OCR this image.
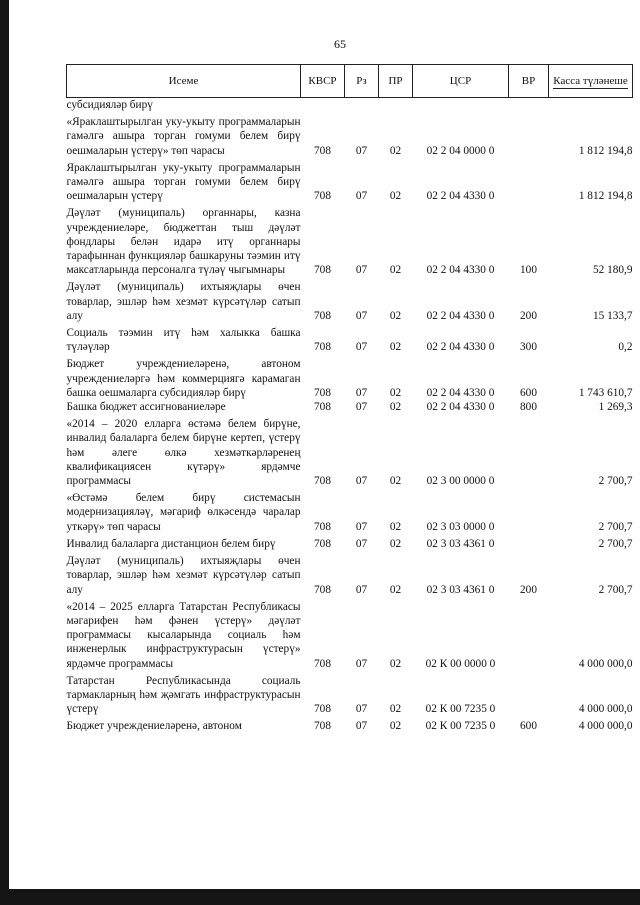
65
Исеме	КВСР	Рз	ПР	ЦСР	ВР	Касса түләнеше
субсидияләр бирү						
«Яраклаштырылган уку-укыту программаларын гамәлгә ашыра торган гомуми белем бирү оешмаларын үстерү» төп чарасы	708	07	02	02 2 04 0000 0		1 812 194,8
Яраклаштырылган уку-укыту программаларын гамәлгә ашыра торган гомуми белем бирү оешмаларын үстерү	708	07	02	02 2 04 4330 0		1 812 194,8
Дәүләт (муниципаль) органнары, казна учреждениеләре, бюджеттан тыш дәүләт фондлары белән идарә итү органнары тарафыннан функцияләр башкаруны тәэмин итү максатларында персоналга түләү чыгымнары	708	07	02	02 2 04 4330 0	100	52 180,9
Дәүләт (муниципаль) ихтыяҗлары өчен товарлар, эшләр һәм хезмәт күрсәтүләр сатып алу	708	07	02	02 2 04 4330 0	200	15 133,7
Социаль тәэмин итү һәм халыкка башка түләүләр	708	07	02	02 2 04 4330 0	300	0,2
Бюджет учреждениеләренә, автоном учреждениеләргә һәм коммерциягә карамаган башка оешмаларга субсидияләр бирү	708	07	02	02 2 04 4330 0	600	1 743 610,7
Башка бюджет ассигнованиеләре	708	07	02	02 2 04 4330 0	800	1 269,3
«2014 – 2020 елларга өстәмә белем бирүне, инвалид балаларга белем бирүне кертеп, үстерү һәм әлеге өлкә хезмәткәрләренең квалификациясен күтәрү» ярдәмче программасы	708	07	02	02 3 00 0000 0		2 700,7
«Өстәмә белем бирү системасын модернизацияләү, мәгариф өлкәсендә чаралар уткәрү» төп чарасы	708	07	02	02 3 03 0000 0		2 700,7
Инвалид балаларга дистанцион белем бирү	708	07	02	02 3 03 4361 0		2 700,7
Дәүләт (муниципаль) ихтыяҗлары өчен товарлар, эшләр һәм хезмәт күрсәтүләр сатып алу	708	07	02	02 3 03 4361 0	200	2 700,7
«2014 – 2025 елларга Татарстан Республикасы мәгарифен һәм фәнен үстерү» дәүләт программасы кысаларында социаль һәм инженерлык инфраструктурасын үстерү» ярдәмче программасы	708	07	02	02 К 00 0000 0		4 000 000,0
Татарстан Республикасында социаль тармакларның һәм җәмгать инфраструктурасын үстерү	708	07	02	02 К 00 7235 0		4 000 000,0
Бюджет учреждениеләренә, автоном	708	07	02	02 К 00 7235 0	600	4 000 000,0
